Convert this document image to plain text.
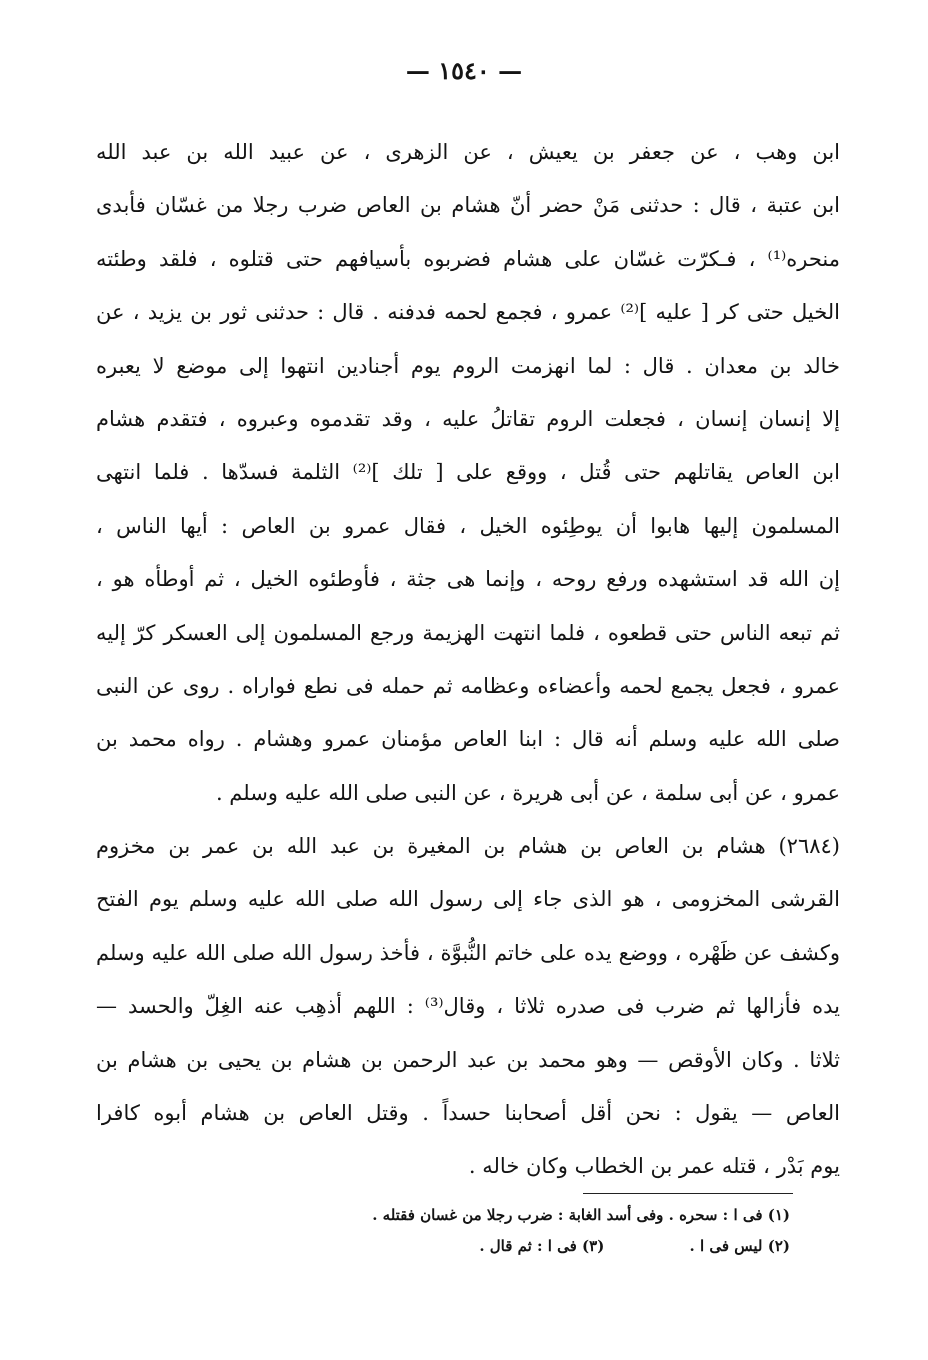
— ١٥٤٠ —
ابن وهب ، عن جعفر بن يعيش ، عن الزهرى ، عن عبيد الله بن عبد الله
ابن عتبة ، قال : حدثنى مَنْ حضر أنّ هشام بن العاص ضرب رجلا من غسّان فأبدى
منحره⁽¹⁾ ، فـكرّت غسّان على هشام فضربوه بأسيافهم حتى قتلوه ، فلقد وطئته
الخيل حتى كر [ عليه ]⁽²⁾ عمرو ، فجمع لحمه فدفنه . قال : حدثنى ثور بن يزيد ، عن
خالد بن معدان . قال : لما انهزمت الروم يوم أجنادين انتهوا إلى موضع لا يعبره
إلا إنسان إنسان ، فجعلت الروم تقاتلُ عليه ، وقد تقدموه وعبروه ، فتقدم هشام
ابن العاص يقاتلهم حتى قُتل ، ووقع على [ تلك ]⁽²⁾ الثلمة فسدّها . فلما انتهى
المسلمون إليها هابوا أن يوطِئوه الخيل ، فقال عمرو بن العاص : أيها الناس ،
إن الله قد استشهده ورفع روحه ، وإنما هى جثة ، فأوطئوه الخيل ، ثم أوطأه هو ،
ثم تبعه الناس حتى قطعوه ، فلما انتهت الهزيمة ورجع المسلمون إلى العسكر كرّ إليه
عمرو ، فجعل يجمع لحمه وأعضاءه وعظامه ثم حمله فى نطع فواراه . روى عن النبى
صلى الله عليه وسلم أنه قال : ابنا العاص مؤمنان عمرو وهشام . رواه محمد بن
عمرو ، عن أبى سلمة ، عن أبى هريرة ، عن النبى صلى الله عليه وسلم .
(٢٦٨٤) هشام بن العاص بن هشام بن المغيرة بن عبد الله بن عمر بن مخزوم
القرشى المخزومى ، هو الذى جاء إلى رسول الله صلى الله عليه وسلم يوم الفتح
وكشف عن ظَهْره ، ووضع يده على خاتم النُّبوَّة ، فأخذ رسول الله صلى الله عليه وسلم
يده فأزالها ثم ضرب فى صدره ثلاثا ، وقال⁽³⁾ : اللهم أذهِب عنه الغِلّ والحسد —
ثلاثا . وكان الأوقص — وهو محمد بن عبد الرحمن بن هشام بن يحيى بن هشام بن
العاص — يقول : نحن أقل أصحابنا حسداً . وقتل العاص بن هشام أبوه كافرا
يوم بَدْر ، قتله عمر بن الخطاب وكان خاله .
(١) فى ا : سحره . وفى أسد الغابة : ضرب رجلا من غسان فقتله .
(٢) ليس فى ا . (٣) فى ا : ثم قال .
